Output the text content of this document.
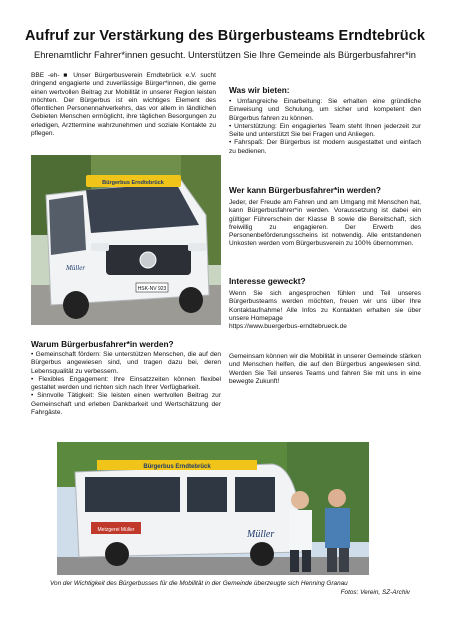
Aufruf zur Verstärkung des Bürgerbusteams Erndtebrück
Ehrenamtlichr Fahrer*innen gesucht. Unterstützen Sie Ihre Gemeinde als Bürgerbusfahrer*in
BBE -eh- ■ Unser Bürgerbusverein Erndtebrück e.V. sucht dringend engagierte und zuverlässige Bürger*innen, die gerne einen wertvollen Beitrag zur Mobilität in unserer Region leisten möchten. Der Bürgerbus ist ein wichtiges Element des öffentlichen Personennahverkehrs, das vor allem in ländlichen Gebieten Menschen ermöglicht, ihre täglichen Besorgungen zu erledigen, Arzttermine wahrzunehmen und soziale Kontakte zu pflegen.
HSK-NV 923
Bürgerbus Erndtebrück
Müller
Warum Bürgerbusfahrer*in werden?
• Gemeinschaft fördern: Sie unterstützen Menschen, die auf den Bürgerbus angewiesen sind, und tragen dazu bei, deren Lebensqualität zu verbessern.
• Flexibles Engagement: Ihre Einsatzzeiten können flexibel gestaltet werden und richten sich nach Ihrer Verfügbarkeit.
• Sinnvolle Tätigkeit: Sie leisten einen wertvollen Beitrag zur Gemeinschaft und erleben Dankbarkeit und Wertschätzung der Fahrgäste.
Was wir bieten:
• Umfangreiche Einarbeitung: Sie erhalten eine gründliche Einweisung und Schulung, um sicher und kompetent den Bürgerbus fahren zu können.
• Unterstützung: Ein engagiertes Team steht Ihnen jederzeit zur Seite und unterstützt Sie bei Fragen und Anliegen.
• Fahrspaß: Der Bürgerbus ist modern ausgestattet und einfach zu bedienen.
Wer kann Bürgerbusfahrer*in werden?
Jeder, der Freude am Fahren und am Umgang mit Menschen hat, kann Bürgerbusfahrer*in werden. Voraussetzung ist dabei ein gültiger Führerschein der Klasse B sowie die Bereitschaft, sich freiwillig zu engagieren. Der Erwerb des Personenbeförderungsscheins ist notwendig. Alle entstandenen Unkosten werden vom Bürgerbusverein zu 100% übernommen.
Interesse geweckt?
Wenn Sie sich angesprochen fühlen und Teil unseres Bürgerbusteams werden möchten, freuen wir uns über Ihre Kontaktaufnahme! Alle Infos zu Kontakten erhalten sie über unsere Homepage
https://www.buergerbus-erndtebrueck.de
Gemeinsam können wir die Mobilität in unserer Gemeinde stärken und Menschen helfen, die auf den Bürgerbus angewiesen sind. Werden Sie Teil unseres Teams und fahren Sie mit uns in eine bewegte Zukunft!
Bürgerbus Erndtebrück
Metzgerei Müller	Müller
Von der Wichtigkeit des Bürgerbusses für die Mobilität in der Gemeinde überzeugte sich Henning Granau
Fotos: Verein, SZ-Archiv
